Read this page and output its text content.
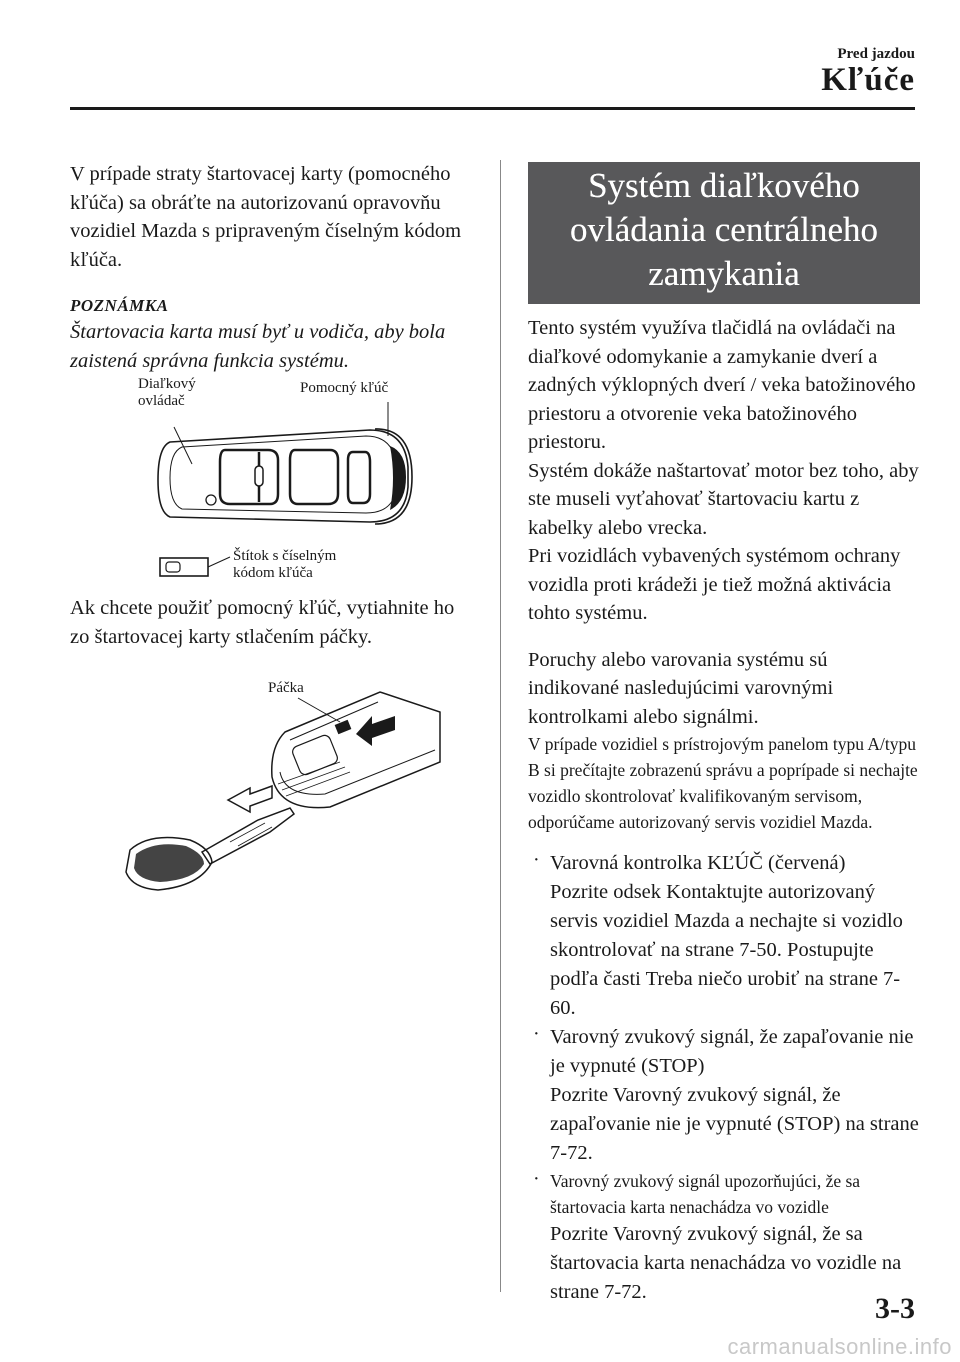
Pred jazdou
Kľúče

V prípade straty štartovacej karty (pomocného kľúča) sa obráťte na autorizovanú opravovňu vozidiel Mazda s pripraveným číselným kódom kľúča.

POZNÁMKA

Štartovacia karta musí byť u vodiča, aby bola zaistená správna funkcia systému.

Diaľkový
ovládač
Pomocný kľúč
Štítok s číselným
kódom kľúča

Ak chcete použiť pomocný kľúč, vytiahnite ho zo štartovacej karty stlačením páčky.

Páčka
Systém diaľkového
ovládania centrálneho
zamykania

Tento systém využíva tlačidlá na ovládači na diaľkové odomykanie a zamykanie dverí a zadných výklopných dverí / veka batožinového priestoru a otvorenie veka batožinového priestoru.

Systém dokáže naštartovať motor bez toho, aby ste museli vyťahovať štartovaciu kartu z kabelky alebo vrecka.

Pri vozidlách vybavených systémom ochrany vozidla proti krádeži je tiež možná aktivácia tohto systému.

Poruchy alebo varovania systému sú indikované nasledujúcimi varovnými kontrolkami alebo signálmi.

V prípade vozidiel s prístrojovým panelom typu A/typu B si prečítajte zobrazenú správu a poprípade si nechajte vozidlo skontrolovať kvalifikovaným servisom, odporúčame autorizovaný servis vozidiel Mazda.

· Varovná kontrolka KĽÚČ (červená)

Pozrite odsek Kontaktujte autorizovaný servis vozidiel Mazda a nechajte si vozidlo skontrolovať na strane 7-50. Postupujte podľa časti Treba niečo urobiť na strane 7-60.

· Varovný zvukový signál, že zapaľovanie nie je vypnuté (STOP)

Pozrite Varovný zvukový signál, že zapaľovanie nie je vypnuté (STOP) na strane 7-72.

· Varovný zvukový signál upozorňujúci, že sa štartovacia karta nenachádza vo vozidle

Pozrite Varovný zvukový signál, že sa štartovacia karta nenachádza vo vozidle na strane 7-72.	3-3
carmanualsonline.info
